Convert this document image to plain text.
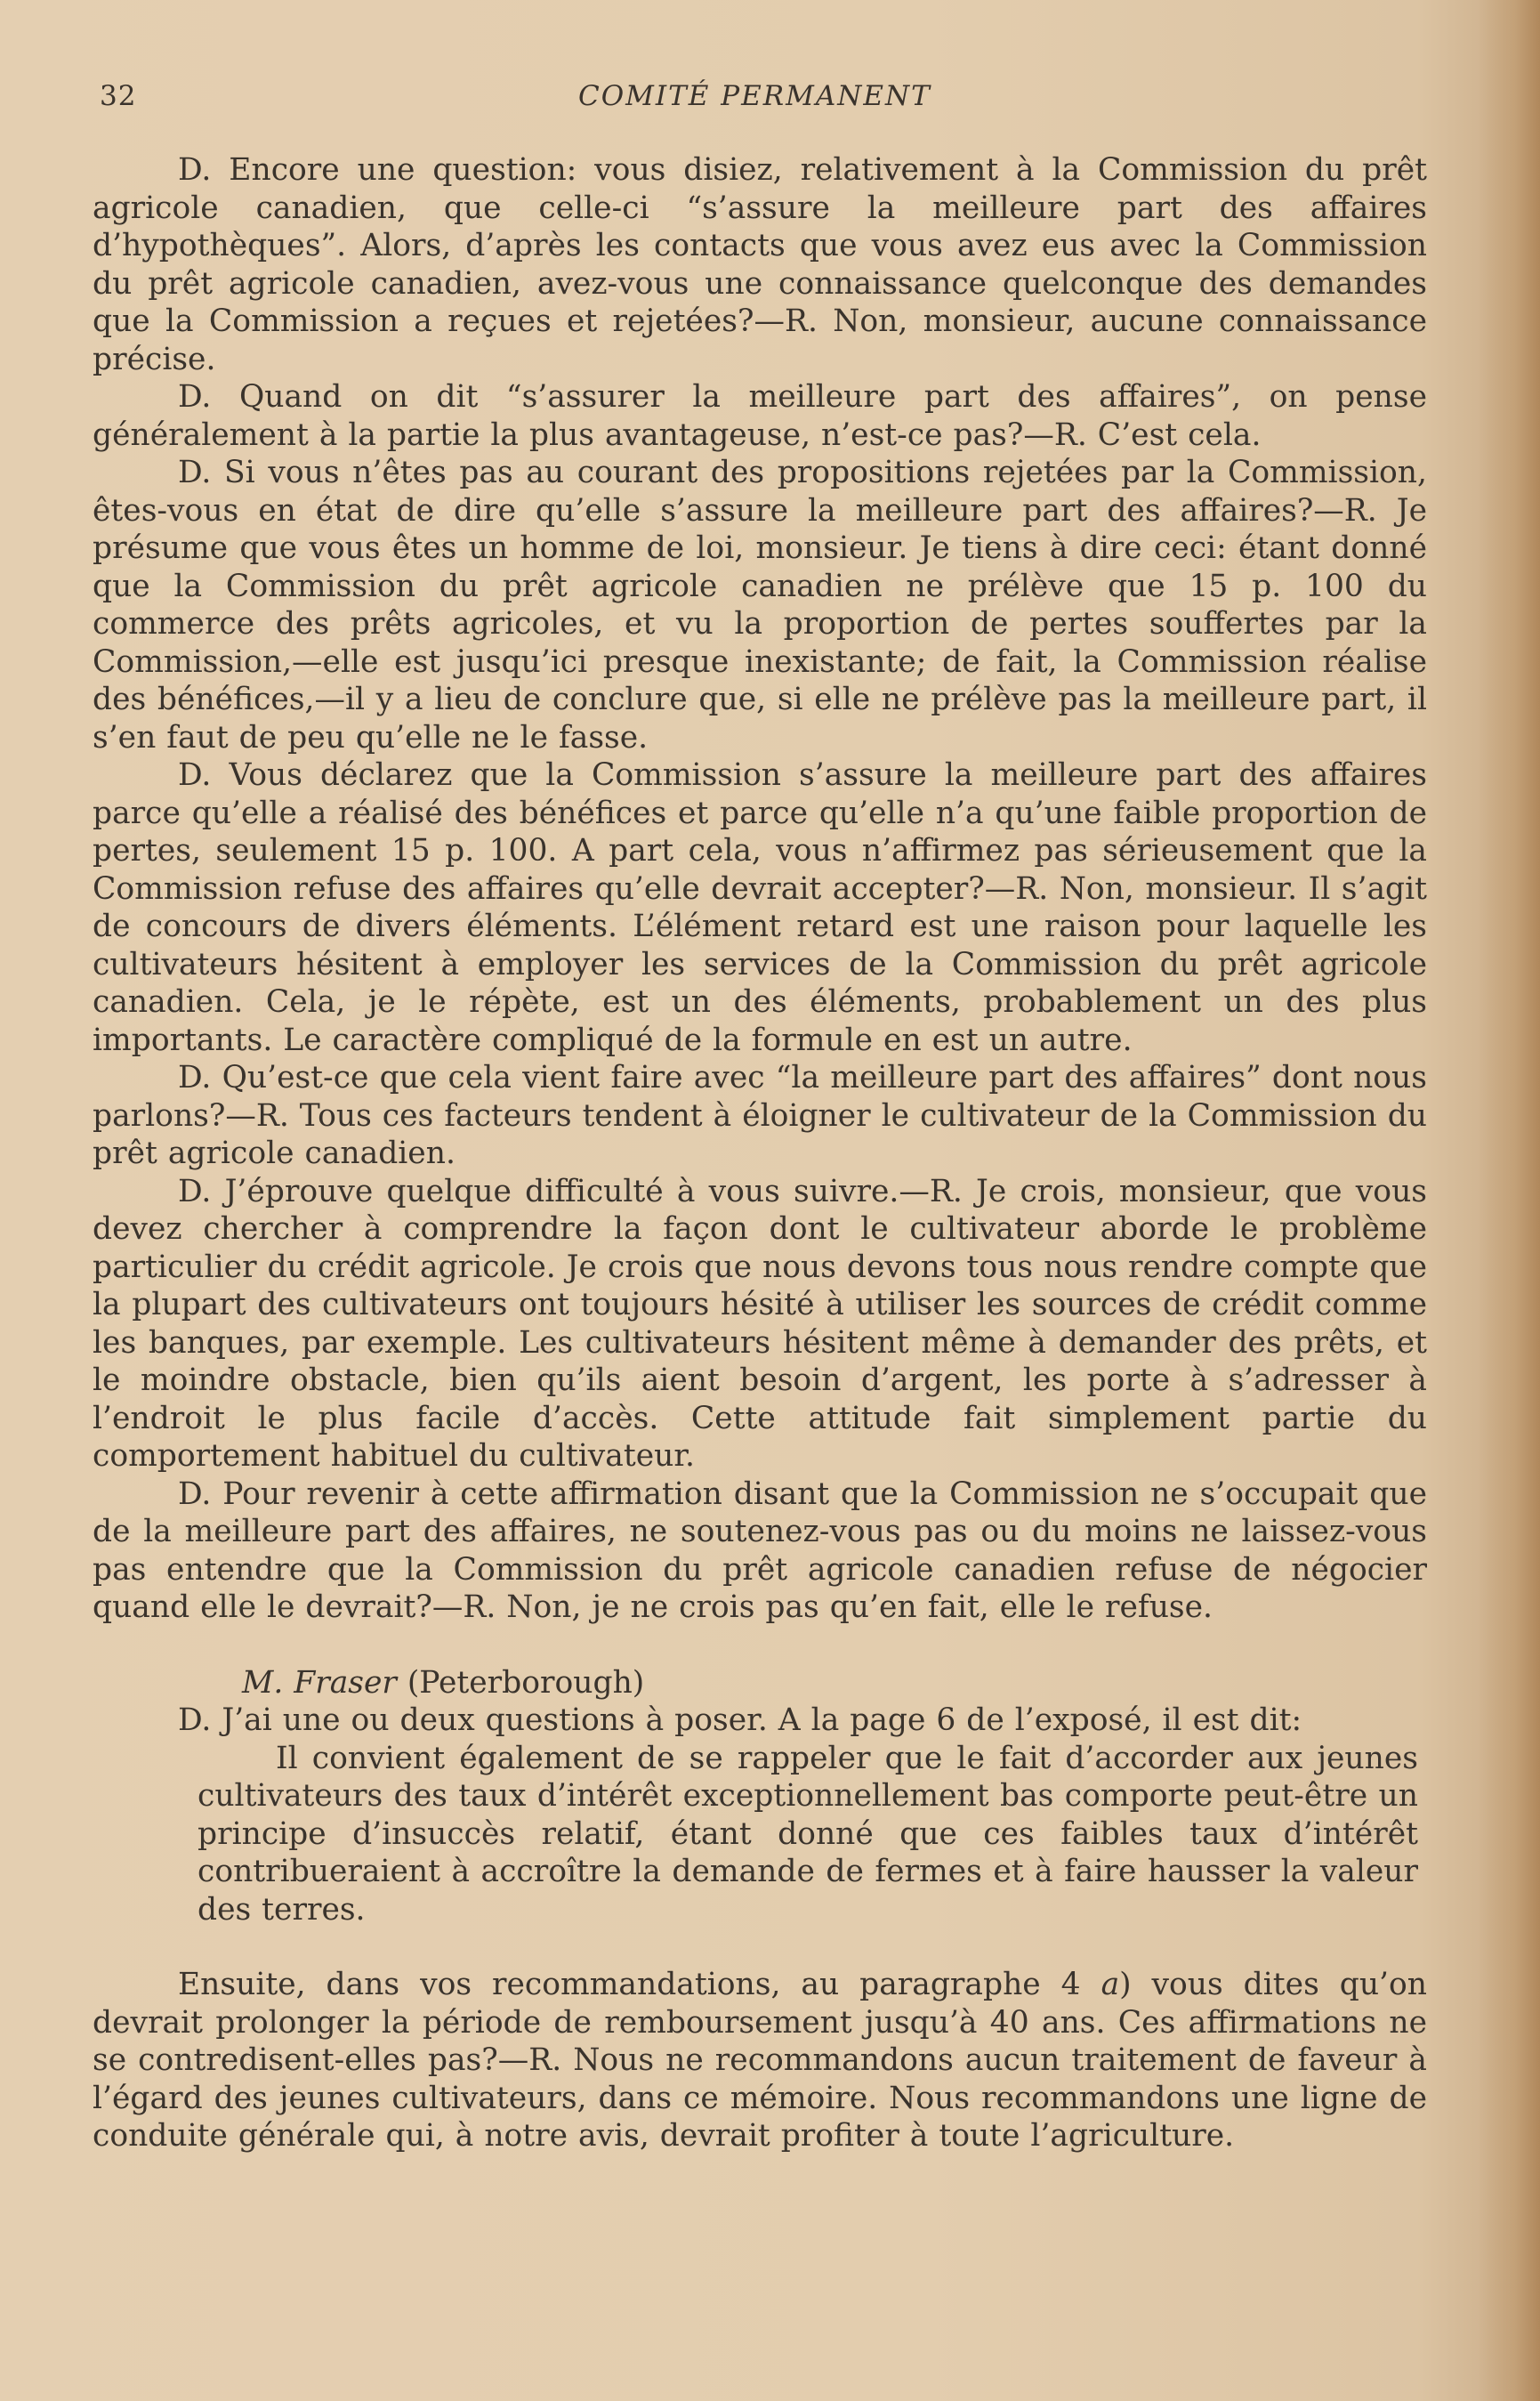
32	COMITÉ PERMANENT

D. Encore une question: vous disiez, relativement à la Commission du prêt agricole canadien, que celle-ci “s’assure la meilleure part des affaires d’hypothèques”. Alors, d’après les contacts que vous avez eus avec la Commission du prêt agricole canadien, avez-vous une connaissance quelconque des demandes que la Commission a reçues et rejetées?—R. Non, monsieur, aucune connaissance précise.

D. Quand on dit “s’assurer la meilleure part des affaires”, on pense généralement à la partie la plus avantageuse, n’est-ce pas?—R. C’est cela.

D. Si vous n’êtes pas au courant des propositions rejetées par la Commission, êtes-vous en état de dire qu’elle s’assure la meilleure part des affaires?—R. Je présume que vous êtes un homme de loi, monsieur. Je tiens à dire ceci: étant donné que la Commission du prêt agricole canadien ne prélève que 15 p. 100 du commerce des prêts agricoles, et vu la proportion de pertes souffertes par la Commission,—elle est jusqu’ici presque inexistante; de fait, la Commission réalise des bénéfices,—il y a lieu de conclure que, si elle ne prélève pas la meilleure part, il s’en faut de peu qu’elle ne le fasse.

D. Vous déclarez que la Commission s’assure la meilleure part des affaires parce qu’elle a réalisé des bénéfices et parce qu’elle n’a qu’une faible proportion de pertes, seulement 15 p. 100. A part cela, vous n’affirmez pas sérieusement que la Commission refuse des affaires qu’elle devrait accepter?—R. Non, monsieur. Il s’agit de concours de divers éléments. L’élément retard est une raison pour laquelle les cultivateurs hésitent à employer les services de la Commission du prêt agricole canadien. Cela, je le répète, est un des éléments, probablement un des plus importants. Le caractère compliqué de la formule en est un autre.

D. Qu’est-ce que cela vient faire avec “la meilleure part des affaires” dont nous parlons?—R. Tous ces facteurs tendent à éloigner le cultivateur de la Commission du prêt agricole canadien.

D. J’éprouve quelque difficulté à vous suivre.—R. Je crois, monsieur, que vous devez chercher à comprendre la façon dont le cultivateur aborde le problème particulier du crédit agricole. Je crois que nous devons tous nous rendre compte que la plupart des cultivateurs ont toujours hésité à utiliser les sources de crédit comme les banques, par exemple. Les cultivateurs hésitent même à demander des prêts, et le moindre obstacle, bien qu’ils aient besoin d’argent, les porte à s’adresser à l’endroit le plus facile d’accès. Cette attitude fait simplement partie du comportement habituel du cultivateur.

D. Pour revenir à cette affirmation disant que la Commission ne s’occupait que de la meilleure part des affaires, ne soutenez-vous pas ou du moins ne laissez-vous pas entendre que la Commission du prêt agricole canadien refuse de négocier quand elle le devrait?—R. Non, je ne crois pas qu’en fait, elle le refuse.

M. Fraser (Peterborough)

D. J’ai une ou deux questions à poser. A la page 6 de l’exposé, il est dit:

Il convient également de se rappeler que le fait d’accorder aux jeunes cultivateurs des taux d’intérêt exceptionnellement bas comporte peut-être un principe d’insuccès relatif, étant donné que ces faibles taux d’intérêt contribueraient à accroître la demande de fermes et à faire hausser la valeur des terres.

Ensuite, dans vos recommandations, au paragraphe 4 a) vous dites qu’on devrait prolonger la période de remboursement jusqu’à 40 ans. Ces affirmations ne se contredisent-elles pas?—R. Nous ne recommandons aucun traitement de faveur à l’égard des jeunes cultivateurs, dans ce mémoire. Nous recommandons une ligne de conduite générale qui, à notre avis, devrait profiter à toute l’agriculture.
